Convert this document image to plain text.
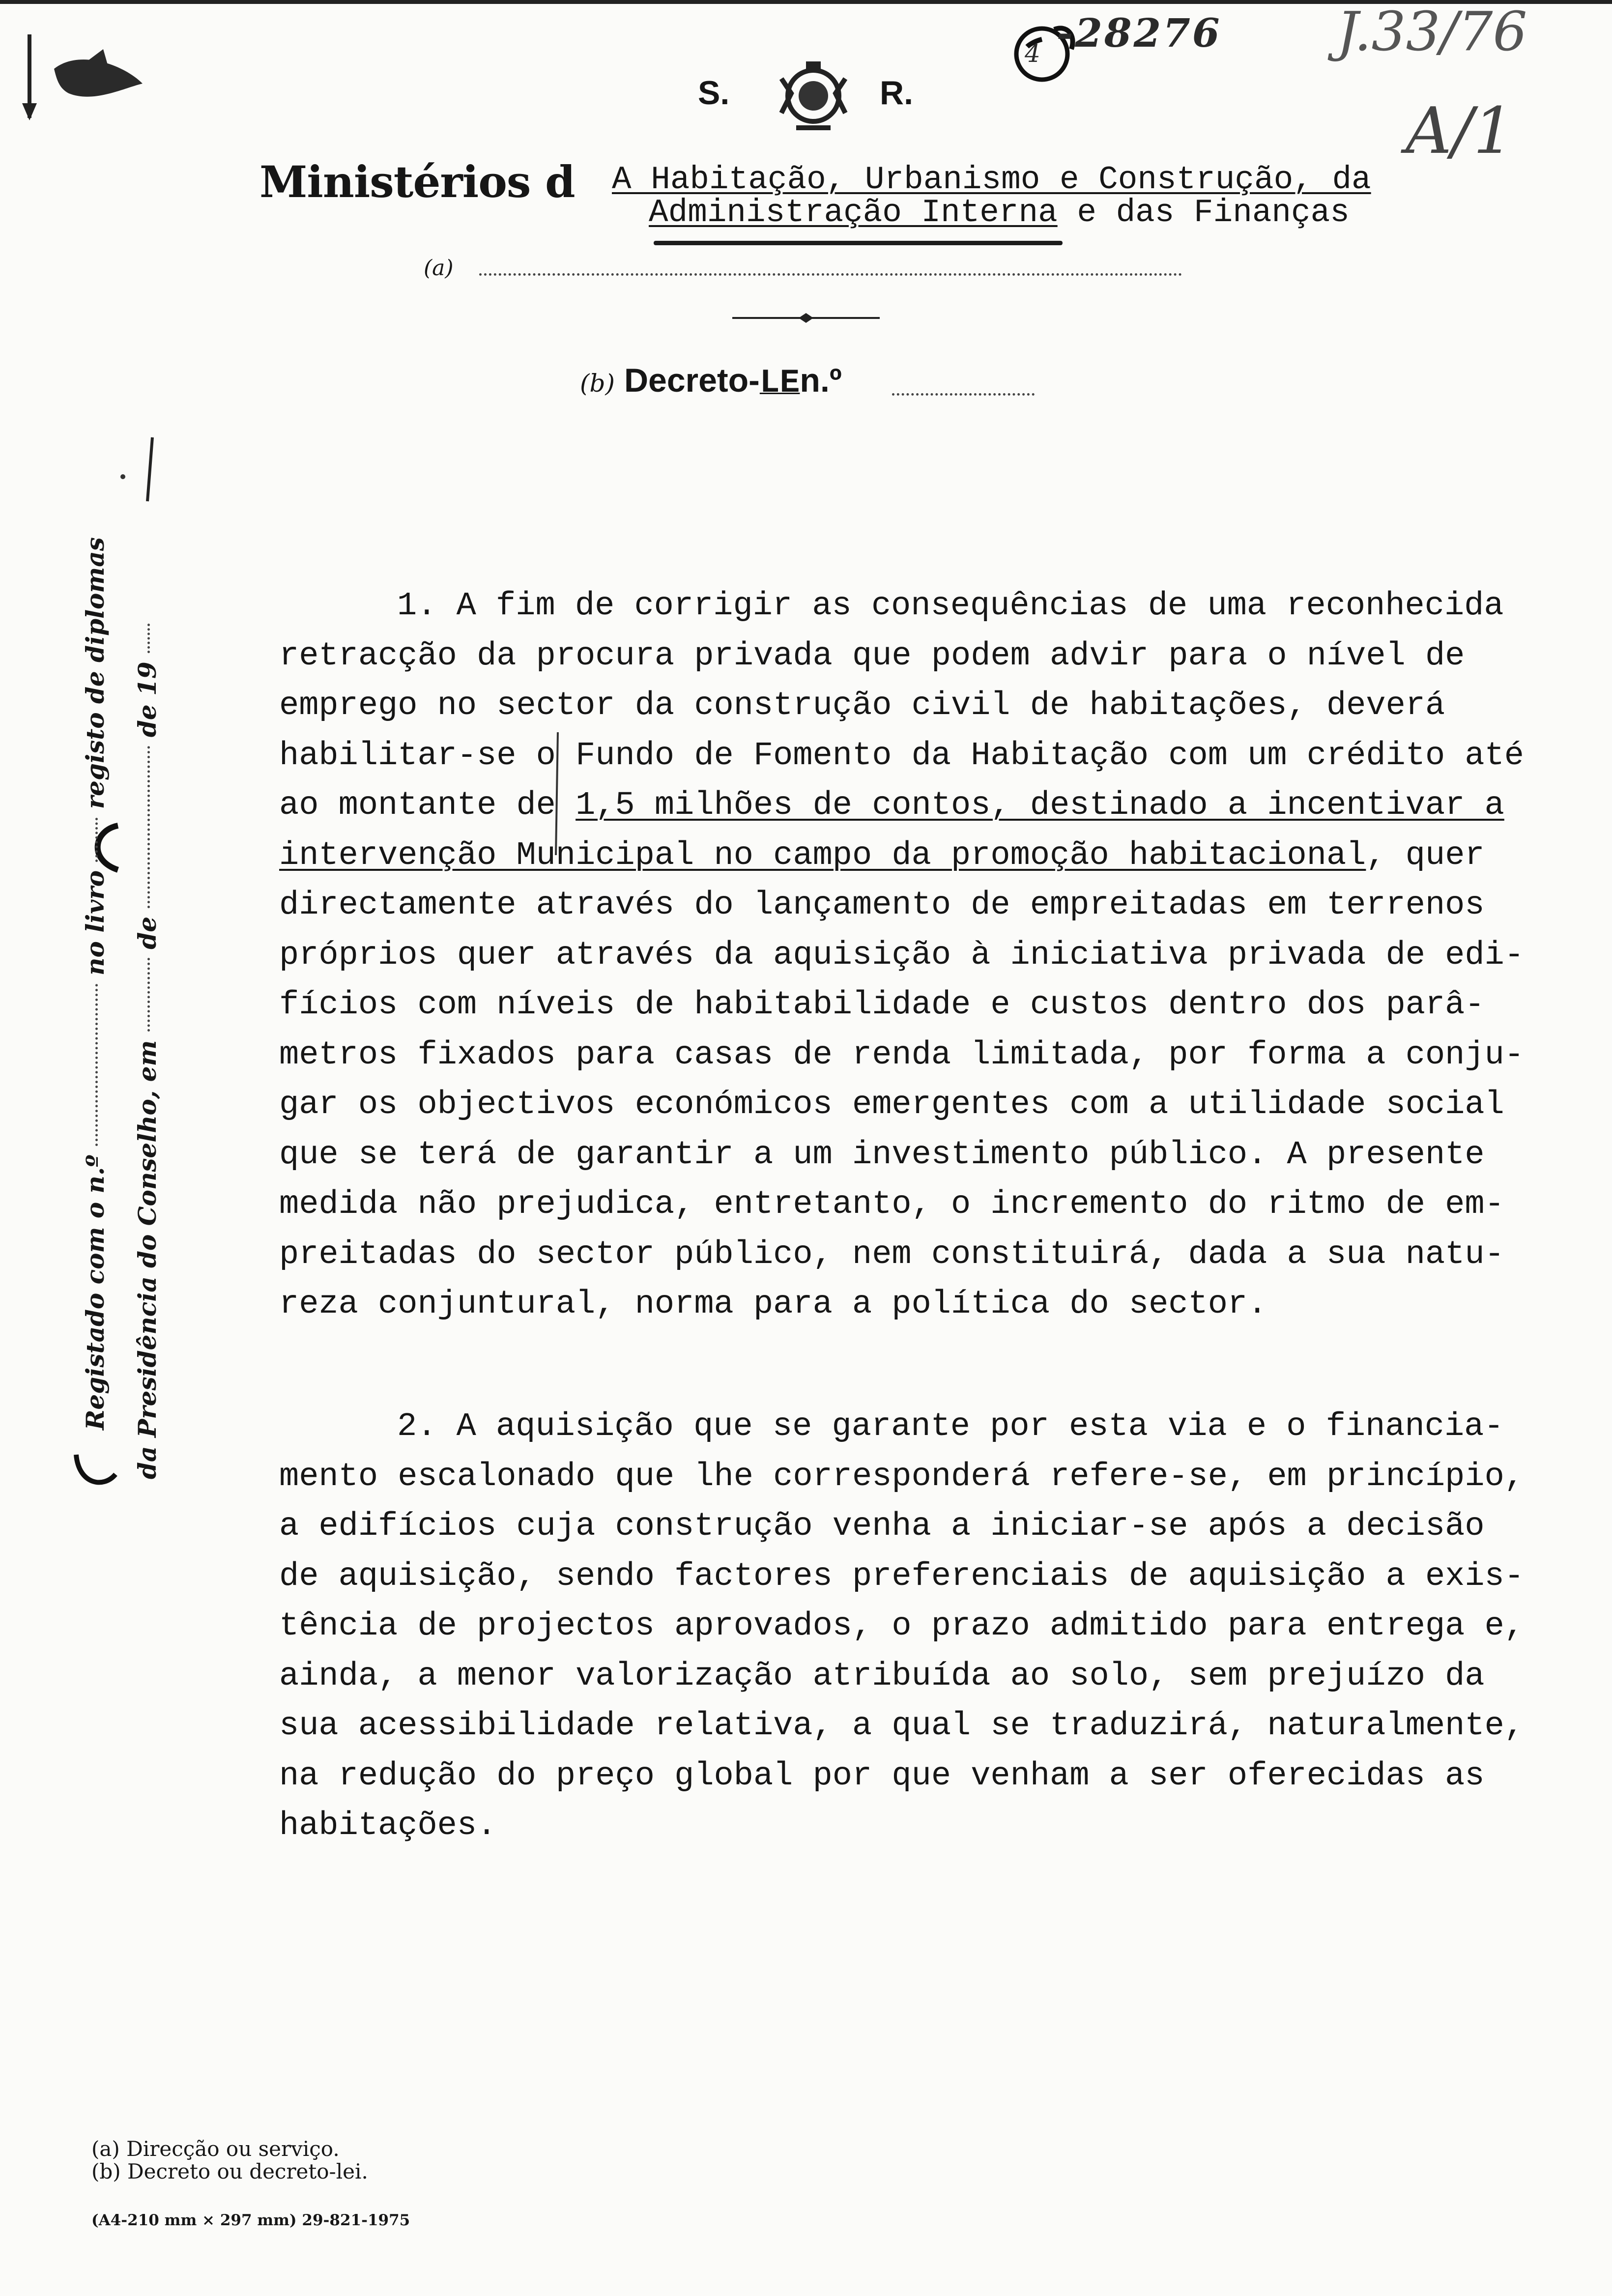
S.	R.
4 -28276 J.33/76
A/1
Ministérios d A Habitação, Urbanismo e Construção, da
Administração Interna e das Finanças
(a)
(b) Decreto-LEn.º
1. A fim de corrigir as consequências de uma reconhecida
retracção da procura privada que podem advir para o nível de
emprego no sector da construção civil de habitações, deverá
habilitar-se o Fundo de Fomento da Habitação com um crédito até
ao montante de 1,5 milhões de contos, destinado a incentivar a
intervenção Municipal no campo da promoção habitacional, quer
directamente através do lançamento de empreitadas em terrenos
próprios quer através da aquisição à iniciativa privada de edi-
fícios com níveis de habitabilidade e custos dentro dos parâ-
metros fixados para casas de renda limitada, por forma a conju-
gar os objectivos económicos emergentes com a utilidade social
que se terá de garantir a um investimento público. A presente
medida não prejudica, entretanto, o incremento do ritmo de em-
preitadas do sector público, nem constituirá, dada a sua natu-
reza conjuntural, norma para a política do sector.
2. A aquisição que se garante por esta via e o financia-
mento escalonado que lhe corresponderá refere-se, em princípio,
a edifícios cuja construção venha a iniciar-se após a decisão
de aquisição, sendo factores preferenciais de aquisição a exis-
tência de projectos aprovados, o prazo admitido para entrega e,
ainda, a menor valorização atribuída ao solo, sem prejuízo da
sua acessibilidade relativa, a qual se traduzirá, naturalmente,
na redução do preço global por que venham a ser oferecidas as
habitações.
Registado com o n.º  no livro  registo de diplomas
da Presidência do Conselho, em  de  de 19
(a) Direcção ou serviço.
(b) Decreto ou decreto-lei.
(A4-210 mm × 297 mm) 29-821-1975
